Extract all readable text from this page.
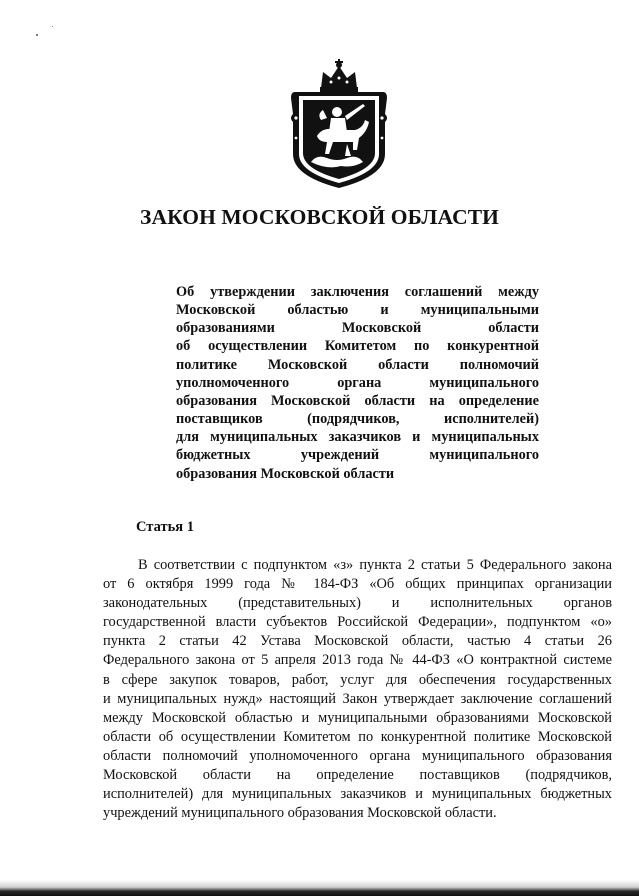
ЗАКОН МОСКОВСКОЙ ОБЛАСТИ
Об утверждении заключения соглашений между
Московской областью и муниципальными
образованиями Московской области
об осуществлении Комитетом по конкурентной
политике Московской области полномочий
уполномоченного органа муниципального
образования Московской области на определение
поставщиков (подрядчиков, исполнителей)
для муниципальных заказчиков и муниципальных
бюджетных учреждений муниципального
образования Московской области
Статья 1
В соответствии с подпунктом «з» пункта 2 статьи 5 Федерального закона
от 6 октября 1999 года № 184-ФЗ «Об общих принципах организации
законодательных (представительных) и исполнительных органов
государственной власти субъектов Российской Федерации», подпунктом «о»
пункта 2 статьи 42 Устава Московской области, частью 4 статьи 26
Федерального закона от 5 апреля 2013 года № 44-ФЗ «О контрактной системе
в сфере закупок товаров, работ, услуг для обеспечения государственных
и муниципальных нужд» настоящий Закон утверждает заключение соглашений
между Московской областью и муниципальными образованиями Московской
области об осуществлении Комитетом по конкурентной политике Московской
области полномочий уполномоченного органа муниципального образования
Московской области на определение поставщиков (подрядчиков,
исполнителей) для муниципальных заказчиков и муниципальных бюджетных
учреждений муниципального образования Московской области.
